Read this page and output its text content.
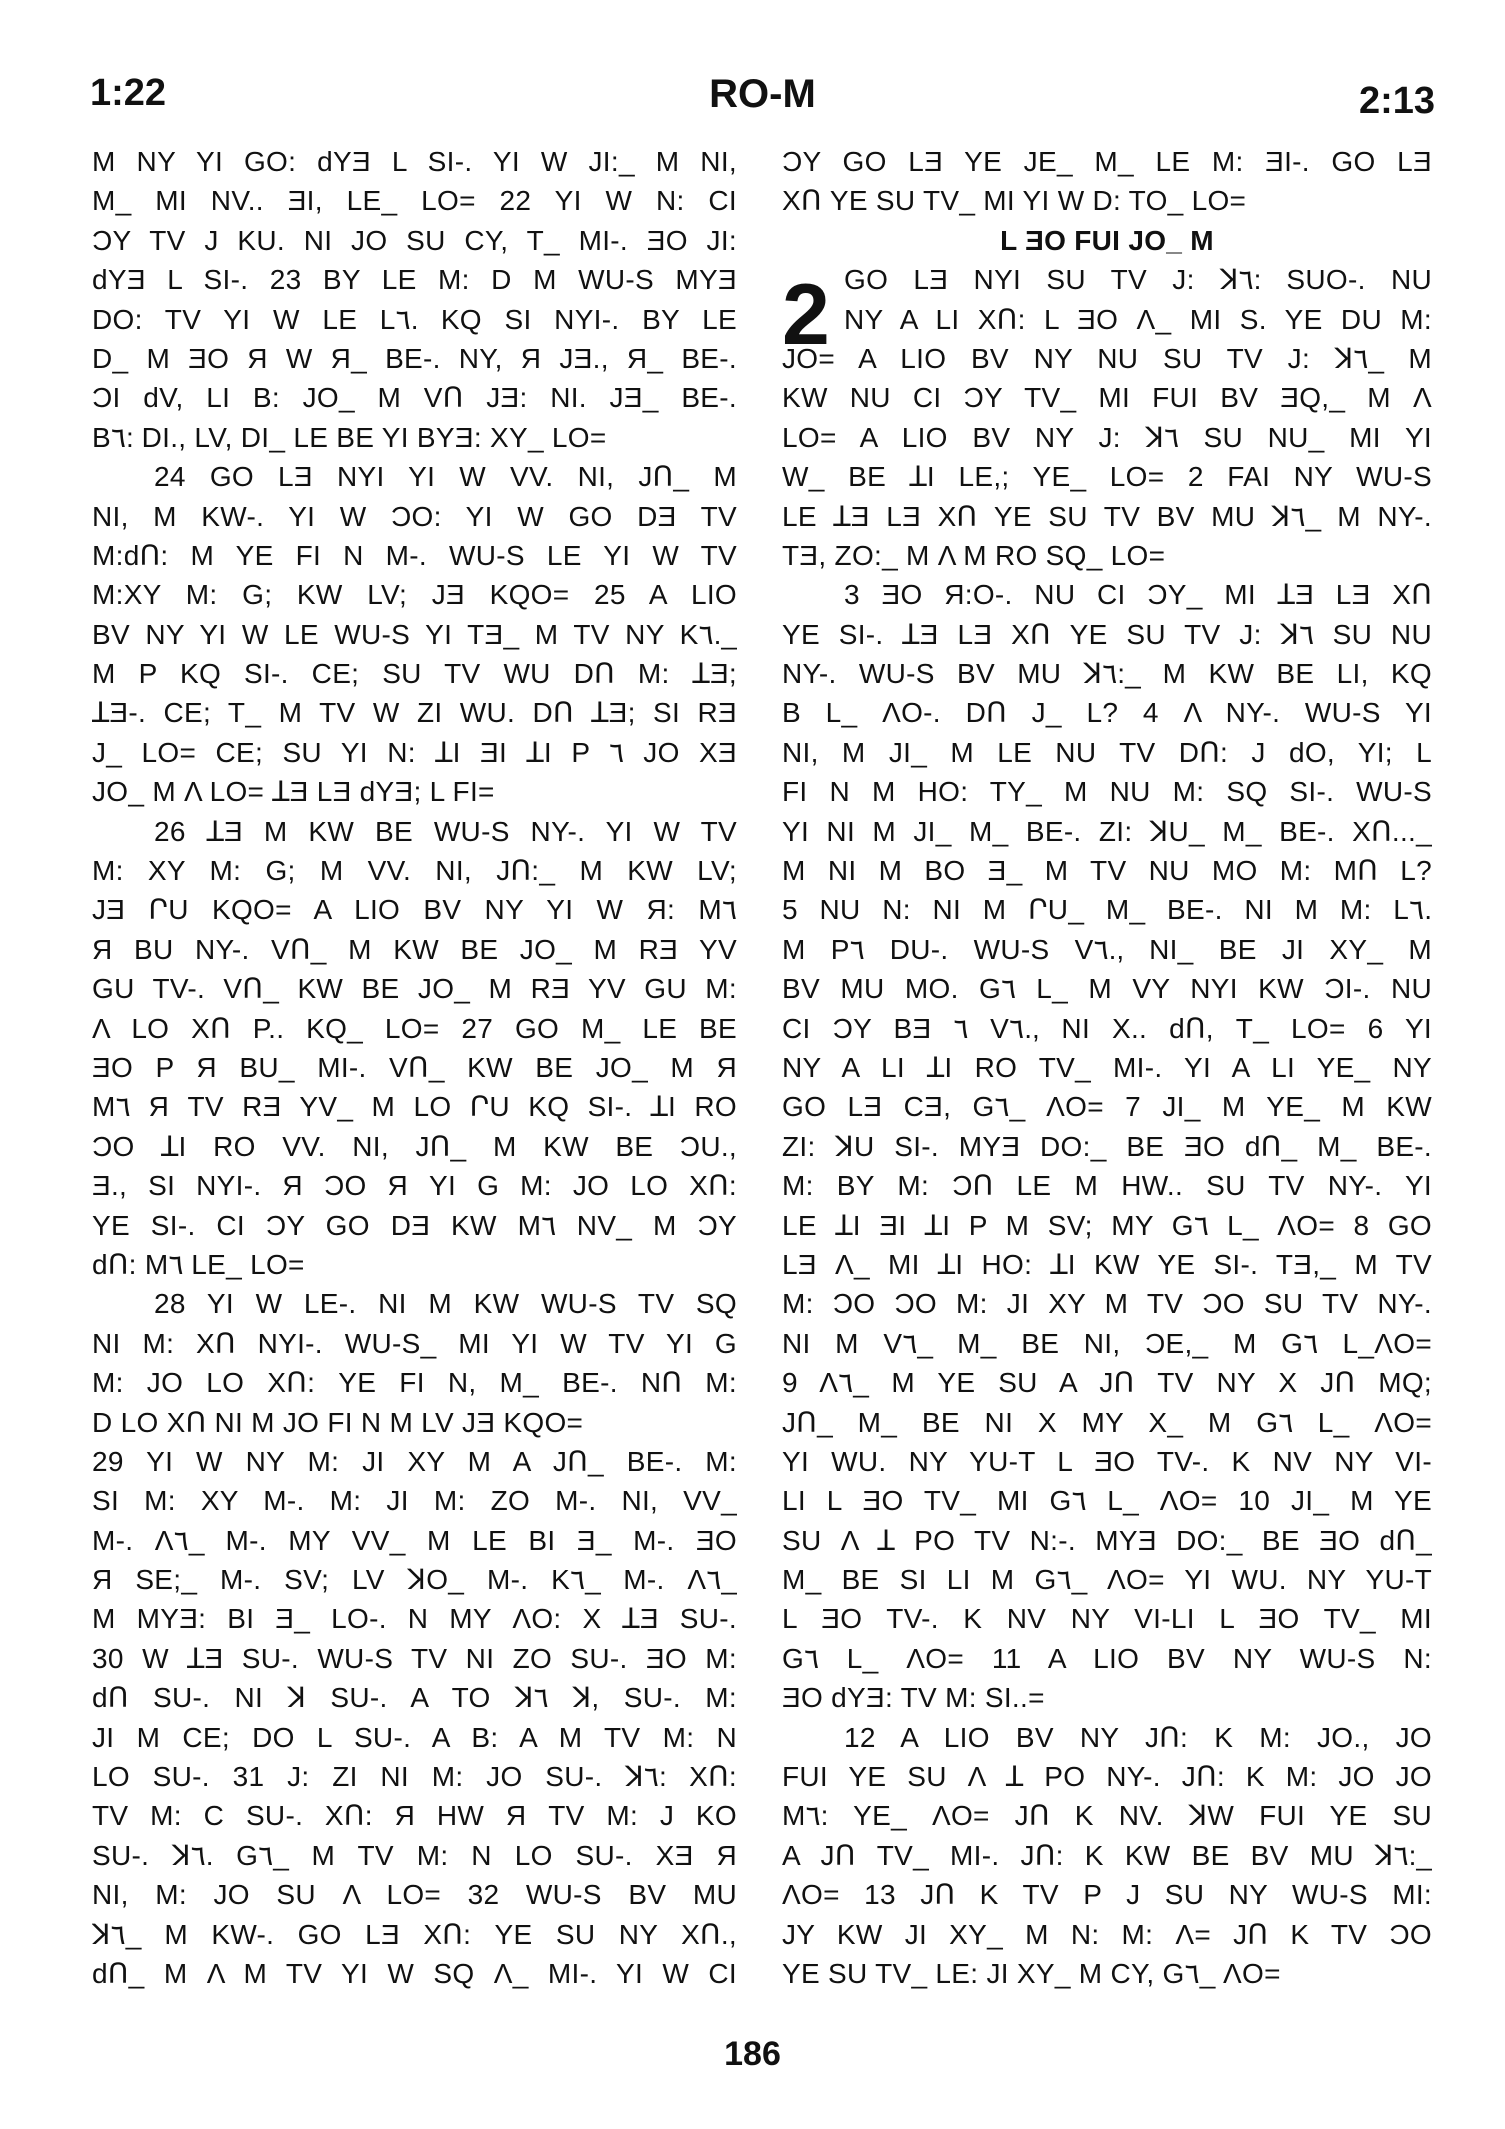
1:22	RO-M	2:13
M NY YI GO: dYƎ L SI-. YI W JI:_ M NI,
M_ MI NV.. ƎI, LE_ LO= 22 YI W N: CI
ƆY TV J KU. NI JO SU CY, T_ MI-. ƎO JI:
dYƎ L SI-. 23 BY LE M: D M WU-S MYƎ
DO: TV YI W LE L٦. KQ SI NYI-. BY LE
D_ M ƎO Я W Я_ BE-. NY, Я JƎ., Я_ BE-.
ƆI dV, LI B: JO_ M VՈ JƎ: NI. JƎ_ BE-.
B٦: DI., LV, DI_ LE BE YI BYƎ: XY_ LO=
24 GO LƎ NYI YI W VV. NI, JՈ_ M
NI, M KW-. YI W ƆO: YI W GO DƎ TV
M:dՈ: M YE FI N M-. WU-S LE YI W TV
M:XY M: G; KW LV; JƎ KQO= 25 A LIO
BV NY YI W LE WU-S YI TƎ_ M TV NY K٦._
M P KQ SI-. CE; SU TV WU DՈ M: ꓕƎ;
ꓕƎ-. CE; T_ M TV W ZI WU. DՈ ꓕƎ; SI RƎ
J_ LO= CE; SU YI N: ꓕI ƎI ꓕI P ٦ JO XƎ
JO_ M Λ LO= ꓕƎ LƎ dYƎ; L FI=
26 ꓕƎ M KW BE WU-S NY-. YI W TV
M: XY M: G; M VV. NI, JՈ:_ M KW LV;
JƎ ՐU KQO= A LIO BV NY YI W Я: M٦
Я BU NY-. VՈ_ M KW BE JO_ M RƎ YV
GU TV-. VՈ_ KW BE JO_ M RƎ YV GU M:
Λ LO XՈ P.. KQ_ LO= 27 GO M_ LE BE
ƎO P Я BU_ MI-. VՈ_ KW BE JO_ M Я
M٦ Я TV RƎ YV_ M LO ՐU KQ SI-. ꓕI RO
ƆO ꓕI RO VV. NI, JՈ_ M KW BE ƆU.,
Ǝ., SI NYI-. Я ƆO Я YI G M: JO LO XՈ:
YE SI-. CI ƆY GO DƎ KW M٦ NV_ M ƆY
dՈ: M٦ LE_ LO=
28 YI W LE-. NI M KW WU-S TV SQ
NI M: XՈ NYI-. WU-S_ MI YI W TV YI G
M: JO LO XՈ: YE FI N, M_ BE-. NՈ M:
D LO XՈ NI M JO FI N M LV JƎ KQO=
29 YI W NY M: JI XY M A JՈ_ BE-. M:
SI M: XY M-. M: JI M: ZO M-. NI, VV_
M-. Λ٦_ M-. MY VV_ M LE BI Ǝ_ M-. ƎO
Я SE;_ M-. SV; LV ꓘO_ M-. K٦_ M-. Λ٦_
M MYƎ: BI Ǝ_ LO-. N MY ΛO: X ꓕƎ SU-.
30 W ꓕƎ SU-. WU-S TV NI ZO SU-. ƎO M:
dՈ SU-. NI ꓘ SU-. A TO ꓘ٦ ꓘ, SU-. M:
JI M CE; DO L SU-. A B: A M TV M: N
LO SU-. 31 J: ZI NI M: JO SU-. ꓘ٦: XՈ:
TV M: C SU-. XՈ: Я HW Я TV M: J KO
SU-. ꓘ٦. G٦_ M TV M: N LO SU-. XƎ Я
NI, M: JO SU Λ LO= 32 WU-S BV MU
ꓘ٦_ M KW-. GO LƎ XՈ: YE SU NY XՈ.,
dՈ_ M Λ M TV YI W SQ Λ_ MI-. YI W CI
ƆY GO LƎ YE JE_ M_ LE M: ƎI-. GO LƎ
XՈ YE SU TV_ MI YI W D: TO_ LO=
L ƎO FUI JO_ M
2 GO LƎ NYI SU TV J: ꓘ٦: SUO-. NU
NY A LI XՈ: L ƎO Λ_ MI S. YE DU M:
JO= A LIO BV NY NU SU TV J: ꓘ٦_ M
KW NU CI ƆY TV_ MI FUI BV ƎQ,_ M Λ
LO= A LIO BV NY J: ꓘ٦ SU NU_ MI YI
W_ BE ꓕI LE,; YE_ LO= 2 FAI NY WU-S
LE ꓕƎ LƎ XՈ YE SU TV BV MU ꓘ٦_ M NY-.
TƎ, ZO:_ M Λ M RO SQ_ LO=
3 ƎO Я:O-. NU CI ƆY_ MI ꓕƎ LƎ XՈ
YE SI-. ꓕƎ LƎ XՈ YE SU TV J: ꓘ٦ SU NU
NY-. WU-S BV MU ꓘ٦:_ M KW BE LI, KQ
B L_ ΛO-. DՈ J_ L? 4 Λ NY-. WU-S YI
NI, M JI_ M LE NU TV DՈ: J dO, YI; L
FI N M HO: TY_ M NU M: SQ SI-. WU-S
YI NI M JI_ M_ BE-. ZI: ꓘU_ M_ BE-. XՈ..._
M NI M BO Ǝ_ M TV NU MO M: MՈ L?
5 NU N: NI M ՐU_ M_ BE-. NI M M: L٦.
M P٦ DU-. WU-S V٦., NI_ BE JI XY_ M
BV MU MO. G٦ L_ M VY NYI KW ƆI-. NU
CI ƆY BƎ ٦ V٦., NI X.. dՈ, T_ LO= 6 YI
NY A LI ꓕI RO TV_ MI-. YI A LI YE_ NY
GO LƎ CƎ, G٦_ ΛO= 7 JI_ M YE_ M KW
ZI: ꓘU SI-. MYƎ DO:_ BE ƎO dՈ_ M_ BE-.
M: BY M: ƆՈ LE M HW.. SU TV NY-. YI
LE ꓕI ƎI ꓕI P M SV; MY G٦ L_ ΛO= 8 GO
LƎ Λ_ MI ꓕI HO: ꓕI KW YE SI-. TƎ,_ M TV
M: ƆO ƆO M: JI XY M TV ƆO SU TV NY-.
NI M V٦_ M_ BE NI, ƆE,_ M G٦ L_ΛO=
9 Λ٦_ M YE SU A JՈ TV NY X JՈ MQ;
JՈ_ M_ BE NI X MY X_ M G٦ L_ ΛO=
YI WU. NY YU-T L ƎO TV-. K NV NY VI-
LI L ƎO TV_ MI G٦ L_ ΛO= 10 JI_ M YE
SU Λ ꓕ PO TV N:-. MYƎ DO:_ BE ƎO dՈ_
M_ BE SI LI M G٦_ ΛO= YI WU. NY YU-T
L ƎO TV-. K NV NY VI-LI L ƎO TV_ MI
G٦ L_ ΛO= 11 A LIO BV NY WU-S N:
ƎO dYƎ: TV M: SI..=
12 A LIO BV NY JՈ: K M: JO., JO
FUI YE SU Λ ꓕ PO NY-. JՈ: K M: JO JO
M٦: YE_ ΛO= JՈ K NV. ꓘW FUI YE SU
A JՈ TV_ MI-. JՈ: K KW BE BV MU ꓘ٦:_
ΛO= 13 JՈ K TV P J SU NY WU-S MI:
JY KW JI XY_ M N: M: Λ= JՈ K TV ƆO
YE SU TV_ LE: JI XY_ M CY, G٦_ ΛO=
186
